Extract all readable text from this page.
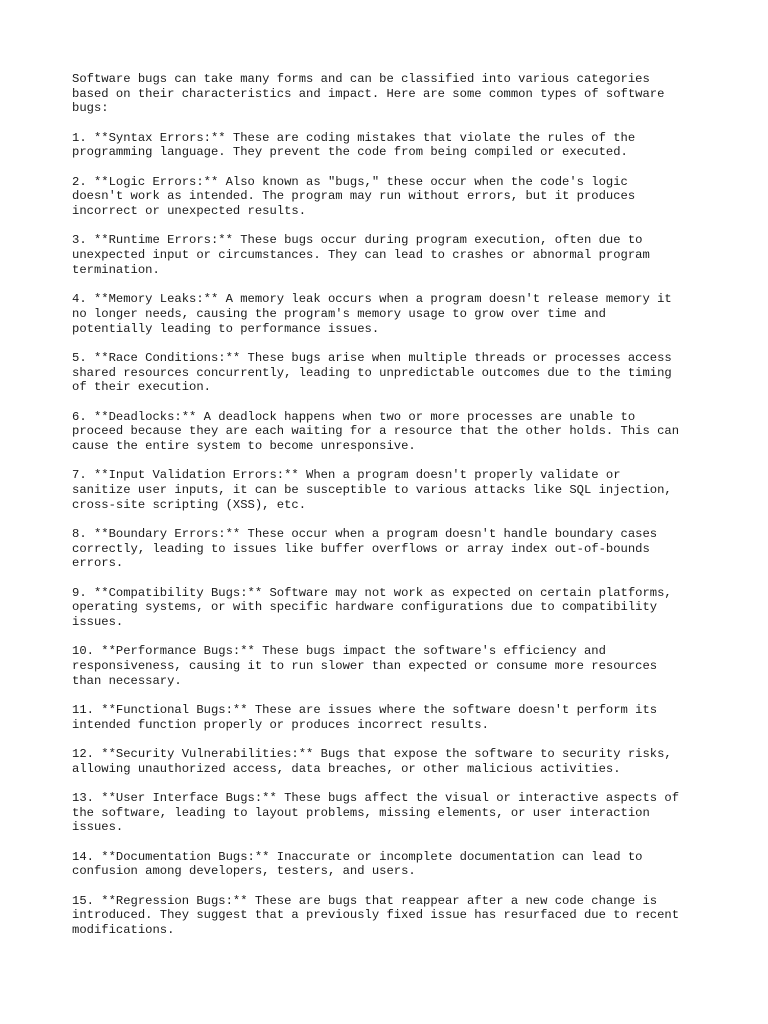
Software bugs can take many forms and can be classified into various categories
based on their characteristics and impact. Here are some common types of software
bugs:

1. **Syntax Errors:** These are coding mistakes that violate the rules of the
programming language. They prevent the code from being compiled or executed.

2. **Logic Errors:** Also known as "bugs," these occur when the code's logic
doesn't work as intended. The program may run without errors, but it produces
incorrect or unexpected results.

3. **Runtime Errors:** These bugs occur during program execution, often due to
unexpected input or circumstances. They can lead to crashes or abnormal program
termination.

4. **Memory Leaks:** A memory leak occurs when a program doesn't release memory it
no longer needs, causing the program's memory usage to grow over time and
potentially leading to performance issues.

5. **Race Conditions:** These bugs arise when multiple threads or processes access
shared resources concurrently, leading to unpredictable outcomes due to the timing
of their execution.

6. **Deadlocks:** A deadlock happens when two or more processes are unable to
proceed because they are each waiting for a resource that the other holds. This can
cause the entire system to become unresponsive.

7. **Input Validation Errors:** When a program doesn't properly validate or
sanitize user inputs, it can be susceptible to various attacks like SQL injection,
cross-site scripting (XSS), etc.

8. **Boundary Errors:** These occur when a program doesn't handle boundary cases
correctly, leading to issues like buffer overflows or array index out-of-bounds
errors.

9. **Compatibility Bugs:** Software may not work as expected on certain platforms,
operating systems, or with specific hardware configurations due to compatibility
issues.

10. **Performance Bugs:** These bugs impact the software's efficiency and
responsiveness, causing it to run slower than expected or consume more resources
than necessary.

11. **Functional Bugs:** These are issues where the software doesn't perform its
intended function properly or produces incorrect results.

12. **Security Vulnerabilities:** Bugs that expose the software to security risks,
allowing unauthorized access, data breaches, or other malicious activities.

13. **User Interface Bugs:** These bugs affect the visual or interactive aspects of
the software, leading to layout problems, missing elements, or user interaction
issues.

14. **Documentation Bugs:** Inaccurate or incomplete documentation can lead to
confusion among developers, testers, and users.

15. **Regression Bugs:** These are bugs that reappear after a new code change is
introduced. They suggest that a previously fixed issue has resurfaced due to recent
modifications.
